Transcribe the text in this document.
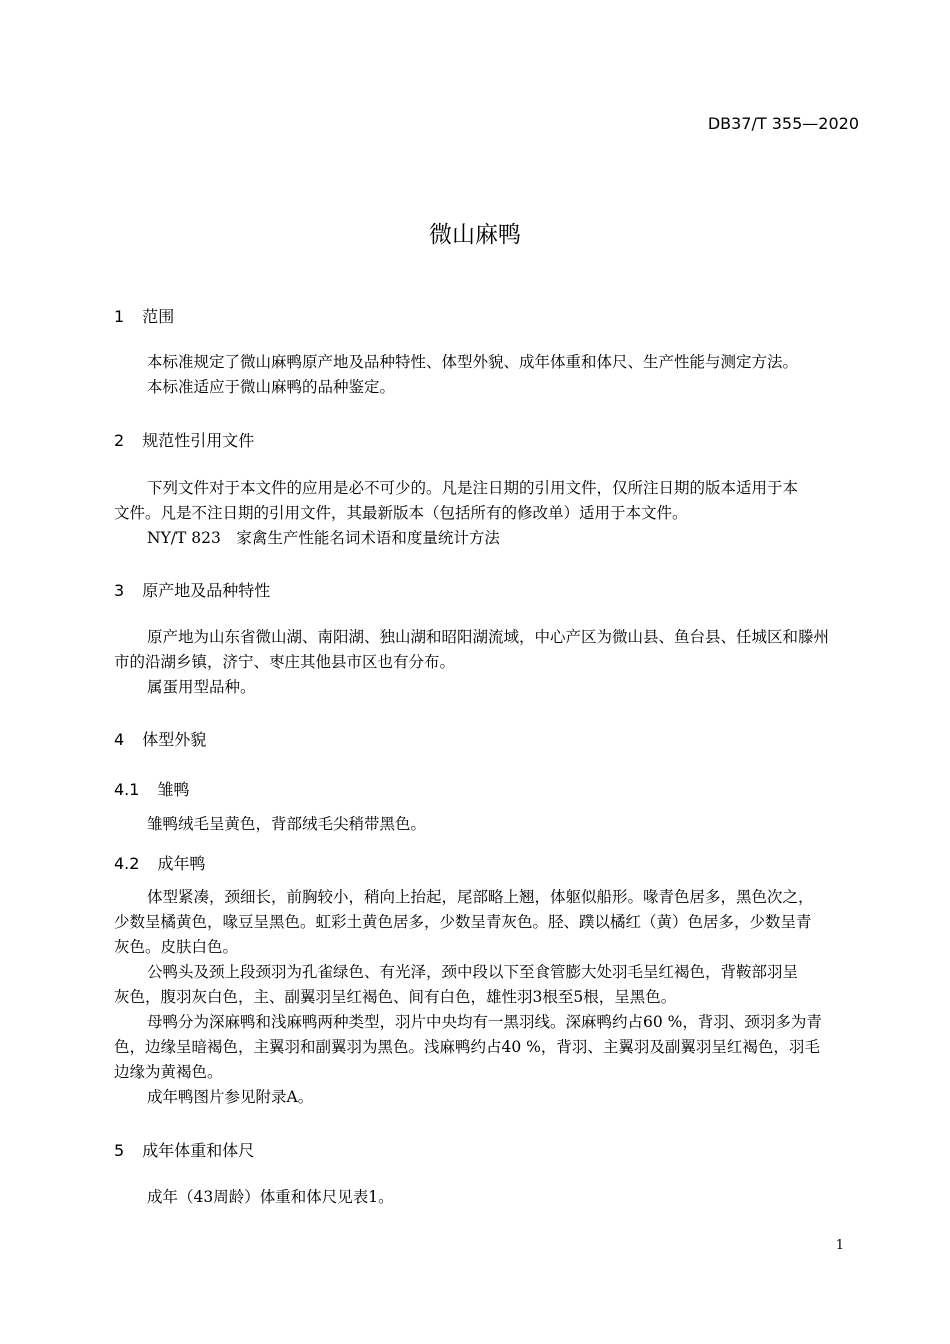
DB37/T 355—2020
微山麻鸭
1 范围
本标准规定了微山麻鸭原产地及品种特性、体型外貌、成年体重和体尺、生产性能与测定方法。
本标准适应于微山麻鸭的品种鉴定。
2 规范性引用文件
下列文件对于本文件的应用是必不可少的。凡是注日期的引用文件，仅所注日期的版本适用于本
文件。凡是不注日期的引用文件，其最新版本（包括所有的修改单）适用于本文件。
NY/T 823　家禽生产性能名词术语和度量统计方法
3 原产地及品种特性
原产地为山东省微山湖、南阳湖、独山湖和昭阳湖流域，中心产区为微山县、鱼台县、任城区和滕州
市的沿湖乡镇，济宁、枣庄其他县市区也有分布。
属蛋用型品种。
4 体型外貌
4.1 雏鸭
雏鸭绒毛呈黄色，背部绒毛尖稍带黑色。
4.2 成年鸭
体型紧凑，颈细长，前胸较小，稍向上抬起，尾部略上翘，体躯似船形。喙青色居多，黑色次之，
少数呈橘黄色，喙豆呈黑色。虹彩土黄色居多，少数呈青灰色。胫、蹼以橘红（黄）色居多，少数呈青
灰色。皮肤白色。
公鸭头及颈上段颈羽为孔雀绿色、有光泽，颈中段以下至食管膨大处羽毛呈红褐色，背鞍部羽呈
灰色，腹羽灰白色，主、副翼羽呈红褐色、间有白色，雄性羽3根至5根，呈黑色。
母鸭分为深麻鸭和浅麻鸭两种类型，羽片中央均有一黑羽线。深麻鸭约占60 %，背羽、颈羽多为青
色，边缘呈暗褐色，主翼羽和副翼羽为黑色。浅麻鸭约占40 %，背羽、主翼羽及副翼羽呈红褐色，羽毛
边缘为黄褐色。
成年鸭图片参见附录A。
5 成年体重和体尺
成年（43周龄）体重和体尺见表1。
1
